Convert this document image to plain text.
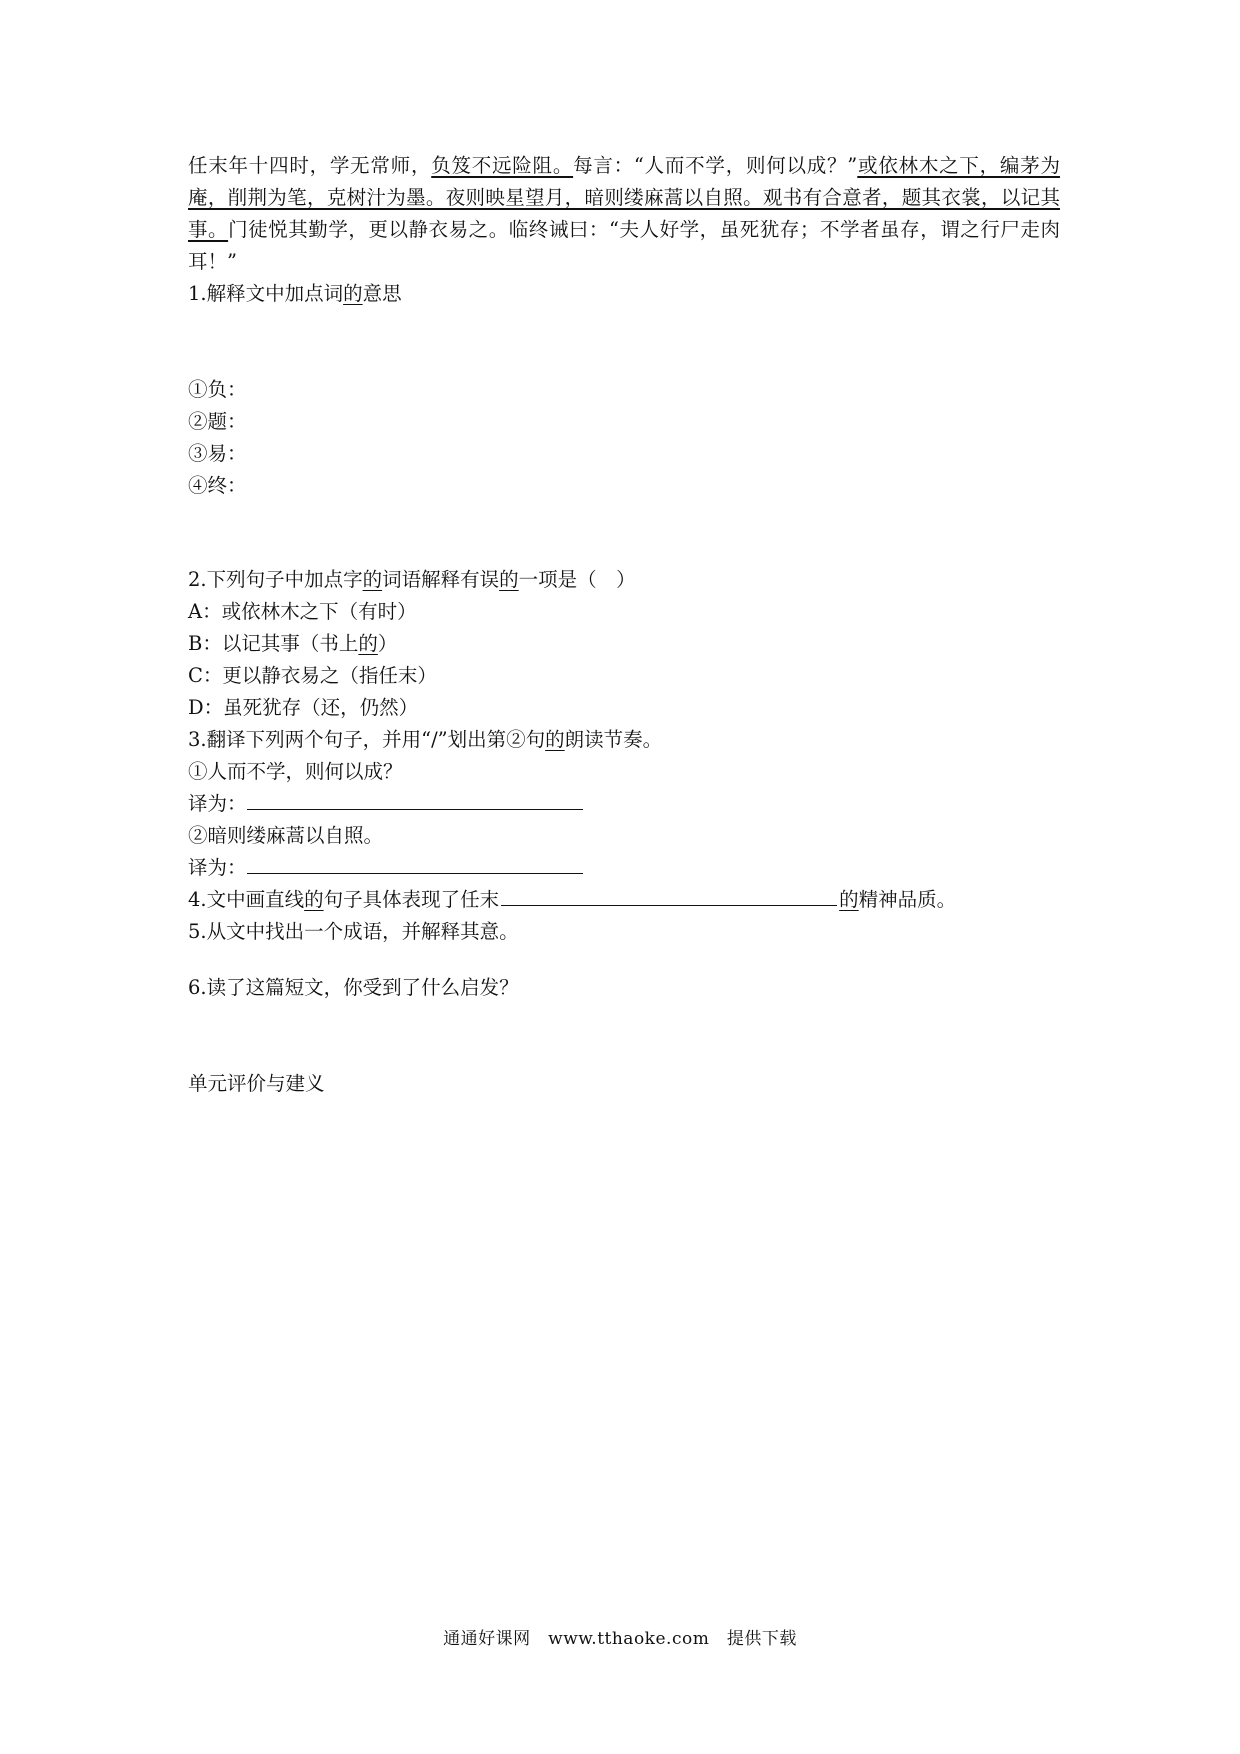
任末年十四时，学无常师，负笈不远险阻。每言：“人而不学，则何以成？”或依林木之下，编茅为庵，削荆为笔，克树汁为墨。夜则映星望月，暗则缕麻蒿以自照。观书有合意者，题其衣裳，以记其事。门徒悦其勤学，更以静衣易之。临终诫曰：“夫人好学，虽死犹存；不学者虽存，谓之行尸走肉耳！”

1.解释文中加点词的意思
①负：
②题：
③易：
④终：
2.下列句子中加点字的词语解释有误的一项是（　）
A：或依林木之下（有时）
B：以记其事（书上的）
C：更以静衣易之（指任末）
D：虽死犹存（还，仍然）
3.翻译下列两个句子，并用“/”划出第②句的朗读节奏。
①人而不学，则何以成？
译为：
②暗则缕麻蒿以自照。
译为：
4.文中画直线的句子具体表现了任末	的精神品质。
5.从文中找出一个成语，并解释其意。
6.读了这篇短文，你受到了什么启发？
单元评价与建义
通通好课网　www.tthaoke.com　提供下载
